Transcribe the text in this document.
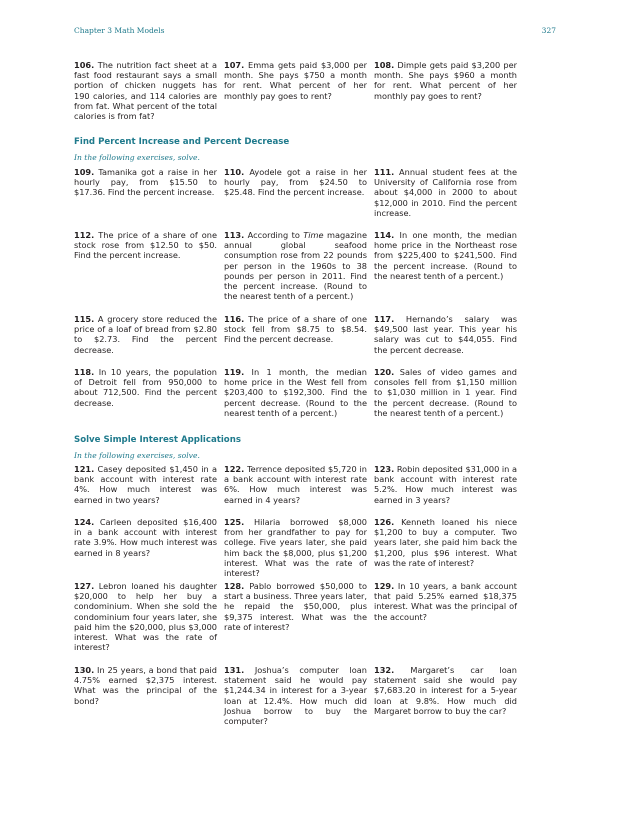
Chapter 3 Math Models	327
106. The nutrition fact sheet at a fast food restaurant says a small portion of chicken nuggets has 190 calories, and 114 calories are from fat. What percent of the total calories is from fat?
107. Emma gets paid $3,000 per month. She pays $750 a month for rent. What percent of her monthly pay goes to rent?
108. Dimple gets paid $3,200 per month. She pays $960 a month for rent. What percent of her monthly pay goes to rent?
Find Percent Increase and Percent Decrease
In the following exercises, solve.
109. Tamanika got a raise in her hourly pay, from $15.50 to $17.36. Find the percent increase.
110. Ayodele got a raise in her hourly pay, from $24.50 to $25.48. Find the percent increase.
111. Annual student fees at the University of California rose from about $4,000 in 2000 to about $12,000 in 2010. Find the percent increase.
112. The price of a share of one stock rose from $12.50 to $50. Find the percent increase.
113. According to Time magazine annual global seafood consumption rose from 22 pounds per person in the 1960s to 38 pounds per person in 2011. Find the percent increase. (Round to the nearest tenth of a percent.)
114. In one month, the median home price in the Northeast rose from $225,400 to $241,500. Find the percent increase. (Round to the nearest tenth of a percent.)
115. A grocery store reduced the price of a loaf of bread from $2.80 to $2.73. Find the percent decrease.
116. The price of a share of one stock fell from $8.75 to $8.54. Find the percent decrease.
117. Hernando’s salary was $49,500 last year. This year his salary was cut to $44,055. Find the percent decrease.
118. In 10 years, the population of Detroit fell from 950,000 to about 712,500. Find the percent decrease.
119. In 1 month, the median home price in the West fell from $203,400 to $192,300. Find the percent decrease. (Round to the nearest tenth of a percent.)
120. Sales of video games and consoles fell from $1,150 million to $1,030 million in 1 year. Find the percent decrease. (Round to the nearest tenth of a percent.)
Solve Simple Interest Applications
In the following exercises, solve.
121. Casey deposited $1,450 in a bank account with interest rate 4%. How much interest was earned in two years?
122. Terrence deposited $5,720 in a bank account with interest rate 6%. How much interest was earned in 4 years?
123. Robin deposited $31,000 in a bank account with interest rate 5.2%. How much interest was earned in 3 years?
124. Carleen deposited $16,400 in a bank account with interest rate 3.9%. How much interest was earned in 8 years?
125. Hilaria borrowed $8,000 from her grandfather to pay for college. Five years later, she paid him back the $8,000, plus $1,200 interest. What was the rate of interest?
126. Kenneth loaned his niece $1,200 to buy a computer. Two years later, she paid him back the $1,200, plus $96 interest. What was the rate of interest?
127. Lebron loaned his daughter $20,000 to help her buy a condominium. When she sold the condominium four years later, she paid him the $20,000, plus $3,000 interest. What was the rate of interest?
128. Pablo borrowed $50,000 to start a business. Three years later, he repaid the $50,000, plus $9,375 interest. What was the rate of interest?
129. In 10 years, a bank account that paid 5.25% earned $18,375 interest. What was the principal of the account?
130. In 25 years, a bond that paid 4.75% earned $2,375 interest. What was the principal of the bond?
131. Joshua’s computer loan statement said he would pay $1,244.34 in interest for a 3-year loan at 12.4%. How much did Joshua borrow to buy the computer?
132. Margaret’s car loan statement said she would pay $7,683.20 in interest for a 5-year loan at 9.8%. How much did Margaret borrow to buy the car?
